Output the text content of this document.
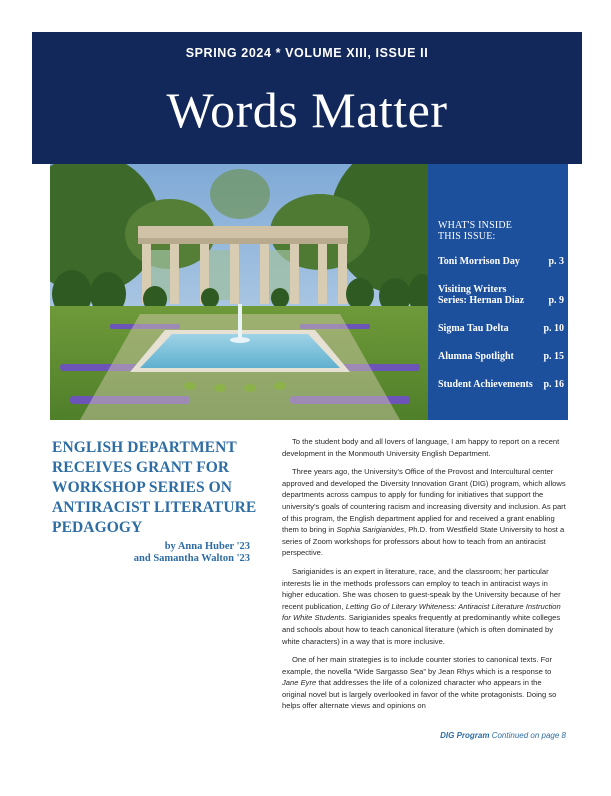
SPRING 2024 * VOLUME XIII, ISSUE II
Words Matter
WHAT'S INSIDE
THIS ISSUE:
Toni Morrison Day	p. 3
Visiting Writers
Series: Hernan Diaz p. 9
Sigma Tau Delta	p. 10
Alumna Spotlight	p. 15
Student Achievements p. 16
ENGLISH DEPARTMENT RECEIVES GRANT FOR WORKSHOP SERIES ON ANTIRACIST LITERATURE PEDAGOGY
by Anna Huber '23
and Samantha Walton '23

To the student body and all lovers of language, I am happy to report on a recent development in the Monmouth University English Department.

Three years ago, the University's Office of the Provost and Intercultural center approved and developed the Diversity Innovation Grant (DIG) program, which allows departments across campus to apply for funding for initiatives that support the university's goals of countering racism and increasing diversity and inclusion. As part of this program, the English department applied for and received a grant enabling them to bring in Sophia Sarigianides, Ph.D. from Westfield State University to host a series of Zoom workshops for professors about how to teach from an antiracist perspective.

Sarigianides is an expert in literature, race, and the classroom; her particular interests lie in the methods professors can employ to teach in antiracist ways in higher education. She was chosen to guest-speak by the University because of her recent publication, Letting Go of Literary Whiteness: Antiracist Literature Instruction for White Students. Sarigianides speaks frequently at predominantly white colleges and schools about how to teach canonical literature (which is often dominated by white characters) in a way that is more inclusive.

One of her main strategies is to include counter stories to canonical texts. For example, the novella “Wide Sargasso Sea” by Jean Rhys which is a response to Jane Eyre that addresses the life of a colonized character who appears in the original novel but is largely overlooked in favor of the white protagonists. Doing so helps offer alternate views and opinions on

DIG Program Continued on page 8
